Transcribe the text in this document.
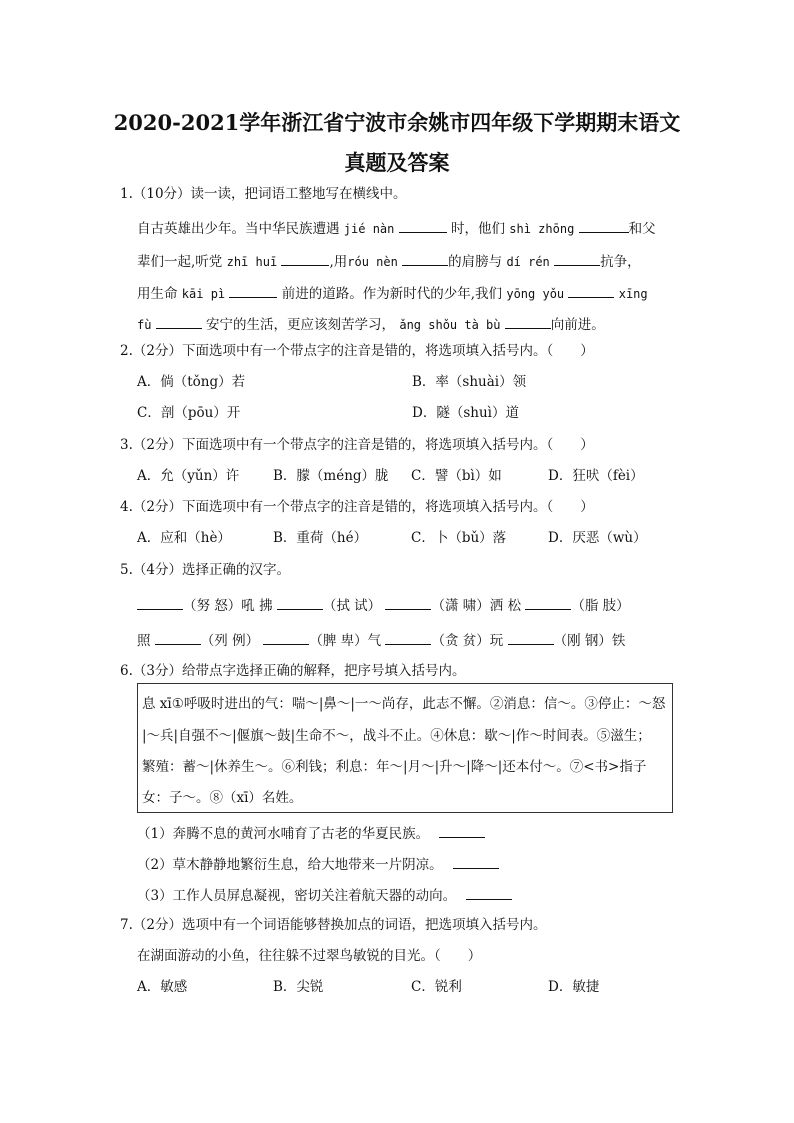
2020-2021学年浙江省宁波市余姚市四年级下学期期末语文
真题及答案
1.（10分）读一读，把词语工整地写在横线中。
自古英雄出少年。当中华民族遭遇 jié nàn	时，他们 shì zhōng	和父
辈们一起,听党 zhī huī	,用róu nèn	的肩膀与 dí rén	抗争，
用生命 kāi pì	前进的道路。作为新时代的少年,我们 yōng yǒu	xīng
fù	安宁的生活，更应该刻苦学习， ǎng shǒu tà bù	向前进。
2.（2分）下面选项中有一个带点字的注音是错的，将选项填入括号内。（　　）
A．倘（tǒng）若	B．率（shuài）领
C．剖（pōu）开	D．隧（shuì）道
3.（2分）下面选项中有一个带点字的注音是错的，将选项填入括号内。（　　）
A．允（yǔn）许 B．朦（méng）胧 C．譬（bì）如	D．狂吠（fèi）
4.（2分）下面选项中有一个带点字的注音是错的，将选项填入括号内。（　　）
A．应和（hè）	B．重荷（hé）	C．卜（bǔ）落	D．厌恶（wù）
5.（4分）选择正确的汉字。
（努 怒）吼 拂	（拭 试）	（潇 啸）洒 松	（脂 肢）
照	（列 例）	（脾 卑）气	（贪 贫）玩	（刚 钢）铁
6.（3分）给带点字选择正确的解释，把序号填入括号内。
息 xī①呼吸时进出的气：喘～|鼻～|一～尚存，此志不懈。②消息：信～。③停止：～怒
|～兵|自强不～|偃旗～鼓|生命不～，战斗不止。④休息：歇～|作～时间表。⑤滋生；
繁殖：蓄～|休养生～。⑥利钱；利息：年～|月～|升～|降～|还本付～。⑦<书>指子
女：子～。⑧（xī）名姓。
（1）奔腾不息的黄河水哺育了古老的华夏民族。
（2）草木静静地繁衍生息，给大地带来一片阴凉。
（3）工作人员屏息凝视，密切关注着航天器的动向。
7.（2分）选项中有一个词语能够替换加点的词语，把选项填入括号内。
在湖面游动的小鱼，往往躲不过翠鸟敏锐的目光。（　　）
A．敏感	B．尖锐	C．锐利	D．敏捷
